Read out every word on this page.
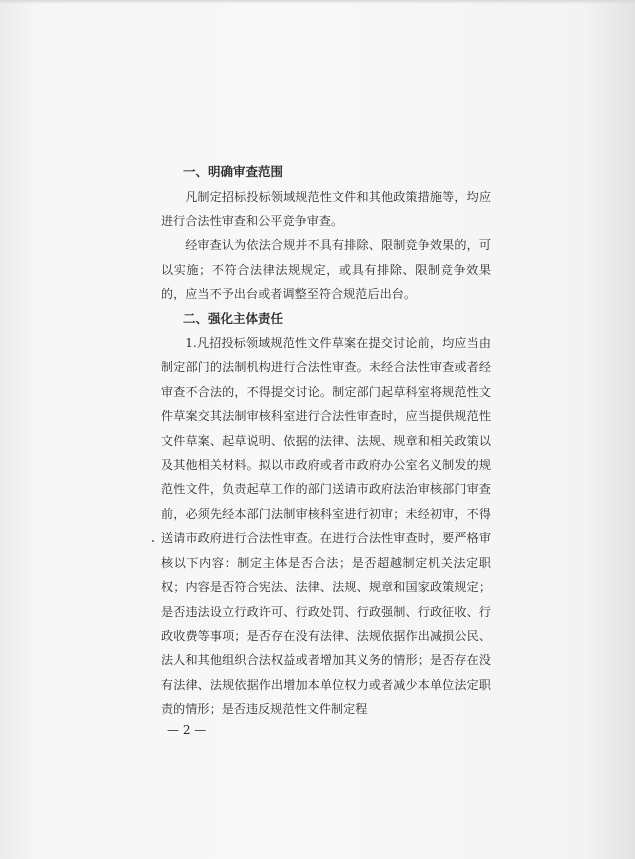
一、明确审查范围

凡制定招标投标领域规范性文件和其他政策措施等，均应进行合法性审查和公平竞争审查。

经审查认为依法合规并不具有排除、限制竞争效果的，可以实施；不符合法律法规规定，或具有排除、限制竞争效果的，应当不予出台或者调整至符合规范后出台。

二、强化主体责任

1.凡招投标领域规范性文件草案在提交讨论前，均应当由制定部门的法制机构进行合法性审查。未经合法性审查或者经审查不合法的，不得提交讨论。制定部门起草科室将规范性文件草案交其法制审核科室进行合法性审查时，应当提供规范性文件草案、起草说明、依据的法律、法规、规章和相关政策以及其他相关材料。拟以市政府或者市政府办公室名义制发的规范性文件，负责起草工作的部门送请市政府法治审核部门审查前，必须先经本部门法制审核科室进行初审；未经初审，不得送请市政府进行合法性审查。在进行合法性审查时，要严格审核以下内容：制定主体是否合法；是否超越制定机关法定职权；内容是否符合宪法、法律、法规、规章和国家政策规定；是否违法设立行政许可、行政处罚、行政强制、行政征收、行政收费等事项；是否存在没有法律、法规依据作出减损公民、法人和其他组织合法权益或者增加其义务的情形；是否存在没有法律、法规依据作出增加本单位权力或者减少本单位法定职责的情形；是否违反规范性文件制定程

— 2 —
